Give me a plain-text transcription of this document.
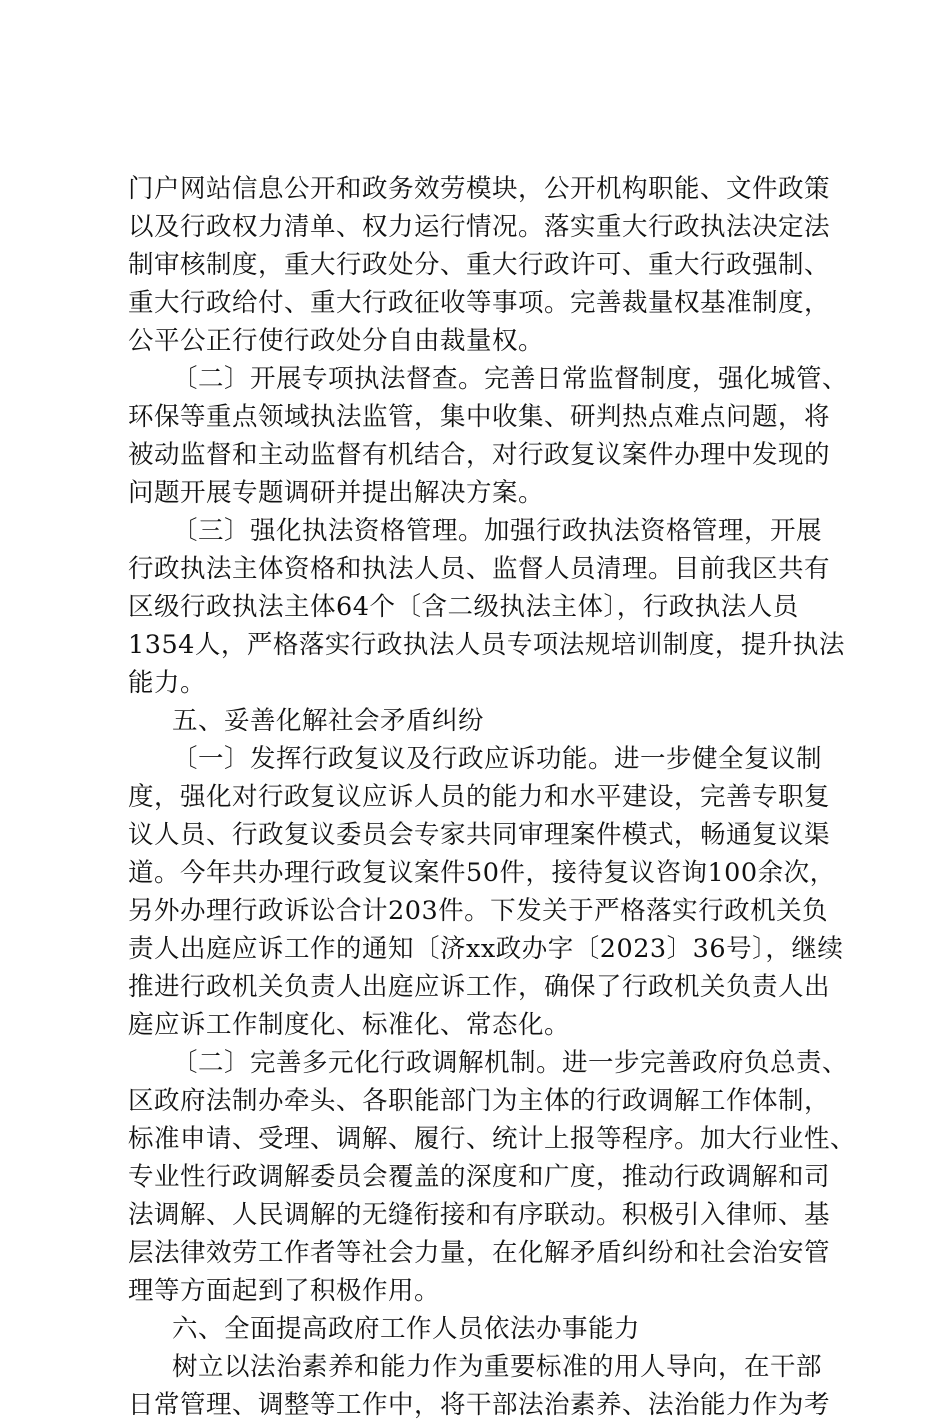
门户网站信息公开和政务效劳模块，公开机构职能、文件政策
以及行政权力清单、权力运行情况。落实重大行政执法决定法
制审核制度，重大行政处分、重大行政许可、重大行政强制、
重大行政给付、重大行政征收等事项。完善裁量权基准制度，
公平公正行使行政处分自由裁量权。
〔二〕开展专项执法督查。完善日常监督制度，强化城管、
环保等重点领域执法监管，集中收集、研判热点难点问题，将
被动监督和主动监督有机结合，对行政复议案件办理中发现的
问题开展专题调研并提出解决方案。
〔三〕强化执法资格管理。加强行政执法资格管理，开展
行政执法主体资格和执法人员、监督人员清理。目前我区共有
区级行政执法主体64个〔含二级执法主体〕，行政执法人员
1354人，严格落实行政执法人员专项法规培训制度，提升执法
能力。
五、妥善化解社会矛盾纠纷
〔一〕发挥行政复议及行政应诉功能。进一步健全复议制
度，强化对行政复议应诉人员的能力和水平建设，完善专职复
议人员、行政复议委员会专家共同审理案件模式，畅通复议渠
道。今年共办理行政复议案件50件，接待复议咨询100余次，
另外办理行政诉讼合计203件。下发关于严格落实行政机关负
责人出庭应诉工作的通知〔济xx政办字〔2023〕36号〕，继续
推进行政机关负责人出庭应诉工作，确保了行政机关负责人出
庭应诉工作制度化、标准化、常态化。
〔二〕完善多元化行政调解机制。进一步完善政府负总责、
区政府法制办牵头、各职能部门为主体的行政调解工作体制，
标准申请、受理、调解、履行、统计上报等程序。加大行业性、
专业性行政调解委员会覆盖的深度和广度，推动行政调解和司
法调解、人民调解的无缝衔接和有序联动。积极引入律师、基
层法律效劳工作者等社会力量，在化解矛盾纠纷和社会治安管
理等方面起到了积极作用。
六、全面提高政府工作人员依法办事能力
树立以法治素养和能力作为重要标准的用人导向，在干部
日常管理、调整等工作中，将干部法治素养、法治能力作为考
